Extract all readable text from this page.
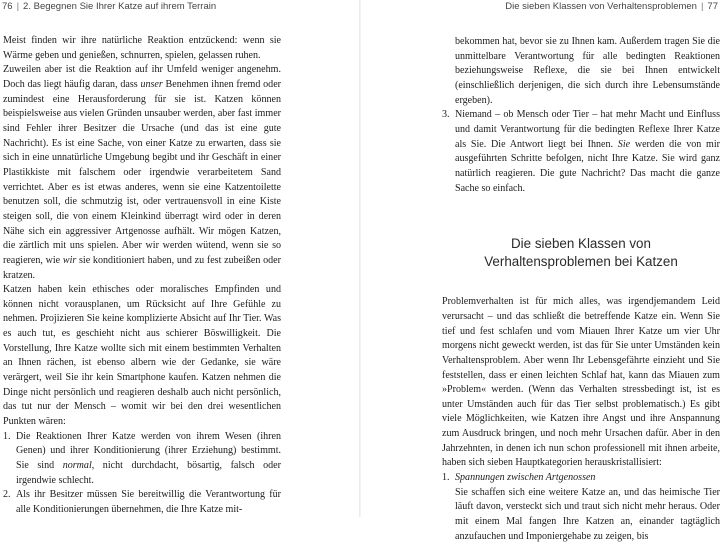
76 | 2. Begegnen Sie Ihrer Katze auf ihrem Terrain	Die sieben Klassen von Verhaltensproblemen | 77

Meist finden wir ihre natürliche Reaktion entzückend: wenn sie Wärme geben und genießen, schnurren, spielen, gelassen ruhen.

Zuweilen aber ist die Reaktion auf ihr Umfeld weniger angenehm. Doch das liegt häufig daran, dass unser Benehmen ihnen fremd oder zumindest eine Herausforderung für sie ist. Katzen können beispielsweise aus vielen Gründen unsauber werden, aber fast immer sind Fehler ihrer Besitzer die Ursache (und das ist eine gute Nachricht). Es ist eine Sache, von einer Katze zu erwarten, dass sie sich in eine unnatürliche Umgebung begibt und ihr Geschäft in einer Plastikkiste mit falschem oder irgendwie verarbeitetem Sand verrichtet. Aber es ist etwas anderes, wenn sie eine Katzentoilette benutzen soll, die schmutzig ist, oder vertrauensvoll in eine Kiste steigen soll, die von einem Kleinkind überragt wird oder in deren Nähe sich ein aggressiver Artgenosse aufhält. Wir mögen Katzen, die zärtlich mit uns spielen. Aber wir werden wütend, wenn sie so reagieren, wie wir sie konditioniert haben, und zu fest zubeißen oder kratzen.

Katzen haben kein ethisches oder moralisches Empfinden und können nicht vorausplanen, um Rücksicht auf Ihre Gefühle zu nehmen. Projizieren Sie keine komplizierte Absicht auf Ihr Tier. Was es auch tut, es geschieht nicht aus schierer Böswilligkeit. Die Vorstellung, Ihre Katze wollte sich mit einem bestimmten Verhalten an Ihnen rächen, ist ebenso albern wie der Gedanke, sie wäre verärgert, weil Sie ihr kein Smartphone kaufen. Katzen nehmen die Dinge nicht persönlich und reagieren deshalb auch nicht persönlich, das tut nur der Mensch – womit wir bei den drei wesentlichen Punkten wären:

1. Die Reaktionen Ihrer Katze werden von ihrem Wesen (ihren Genen) und ihrer Konditionierung (ihrer Erziehung) bestimmt. Sie sind normal, nicht durchdacht, bösartig, falsch oder irgendwie schlecht.
2. Als ihr Besitzer müssen Sie bereitwillig die Verantwortung für alle Konditionierungen übernehmen, die Ihre Katze mit-

bekommen hat, bevor sie zu Ihnen kam. Außerdem tragen Sie die unmittelbare Verantwortung für alle bedingten Reaktionen beziehungsweise Reflexe, die sie bei Ihnen entwickelt (einschließlich derjenigen, die sich durch ihre Lebensumstände ergeben).

3. Niemand – ob Mensch oder Tier – hat mehr Macht und Einfluss und damit Verantwortung für die bedingten Reflexe Ihrer Katze als Sie. Die Antwort liegt bei Ihnen. Sie werden die von mir ausgeführten Schritte befolgen, nicht Ihre Katze. Sie wird ganz natürlich reagieren. Die gute Nachricht? Das macht die ganze Sache so einfach.
Die sieben Klassen von
Verhaltensproblemen bei Katzen

Problemverhalten ist für mich alles, was irgendjemandem Leid verursacht – und das schließt die betreffende Katze ein. Wenn Sie tief und fest schlafen und vom Miauen Ihrer Katze um vier Uhr morgens nicht geweckt werden, ist das für Sie unter Umständen kein Verhaltensproblem. Aber wenn Ihr Lebensgefährte einzieht und Sie feststellen, dass er einen leichten Schlaf hat, kann das Miauen zum »Problem« werden. (Wenn das Verhalten stressbedingt ist, ist es unter Umständen auch für das Tier selbst problematisch.) Es gibt viele Möglichkeiten, wie Katzen ihre Angst und ihre Anspannung zum Ausdruck bringen, und noch mehr Ursachen dafür. Aber in den Jahrzehnten, in denen ich nun schon professionell mit ihnen arbeite, haben sich sieben Hauptkategorien herauskristallisiert:

1. Spannungen zwischen Artgenossen
Sie schaffen sich eine weitere Katze an, und das heimische Tier läuft davon, versteckt sich und traut sich nicht mehr heraus. Oder mit einem Mal fangen Ihre Katzen an, einander tagtäglich anzufauchen und Imponiergehabe zu zeigen, bis
